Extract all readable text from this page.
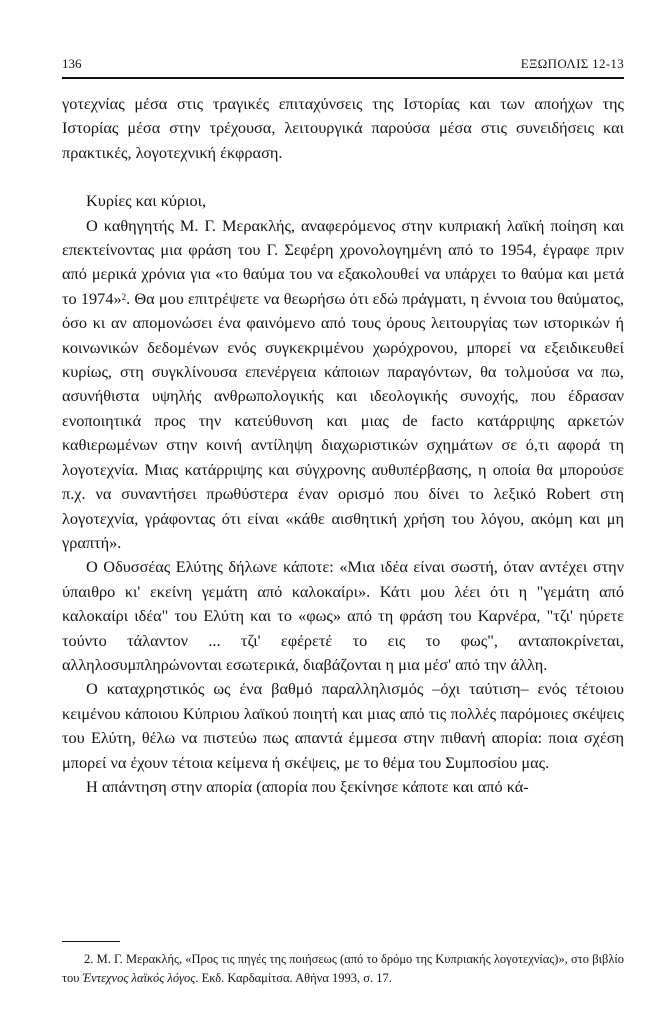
136	ΕΞΩΠΟΛΙΣ 12-13

γοτεχνίας μέσα στις τραγικές επιταχύνσεις της Ιστορίας και των αποήχων της Ιστορίας μέσα στην τρέχουσα, λειτουργικά παρούσα μέσα στις συνειδήσεις και πρακτικές, λογοτεχνική έκφραση.

Κυρίες και κύριοι,

Ο καθηγητής Μ. Γ. Μερακλής, αναφερόμενος στην κυπριακή λαϊκή ποίηση και επεκτείνοντας μια φράση του Γ. Σεφέρη χρονολογημένη από το 1954, έγραφε πριν από μερικά χρόνια για «το θαύμα του να εξακολουθεί να υπάρχει το θαύμα και μετά το 1974»$^2$. Θα μου επιτρέψετε να θεωρήσω ότι εδώ πράγματι, η έννοια του θαύματος, όσο κι αν απομονώσει ένα φαινόμενο από τους όρους λειτουργίας των ιστορικών ή κοινωνικών δεδομένων ενός συγκεκριμένου χωρόχρονου, μπορεί να εξειδικευθεί κυρίως, στη συγκλίνουσα επενέργεια κάποιων παραγόντων, θα τολμούσα να πω, ασυνήθιστα υψηλής ανθρωπολογικής και ιδεολογικής συνοχής, που έδρασαν ενοποιητικά προς την κατεύθυνση και μιας de facto κατάρριψης αρκετών καθιερωμένων στην κοινή αντίληψη διαχωριστικών σχημάτων σε ό,τι αφορά τη λογοτεχνία. Μιας κατάρριψης και σύγχρονης αυθυπέρβασης, η οποία θα μπορούσε π.χ. να συναντήσει πρωθύστερα έναν ορισμό που δίνει το λεξικό Robert στη λογοτεχνία, γράφοντας ότι είναι «κάθε αισθητική χρήση του λόγου, ακόμη και μη γραπτή».

Ο Οδυσσέας Ελύτης δήλωνε κάποτε: «Μια ιδέα είναι σωστή, όταν αντέχει στην ύπαιθρο κι' εκείνη γεμάτη από καλοκαίρι». Κάτι μου λέει ότι η "γεμάτη από καλοκαίρι ιδέα" του Ελύτη και το «φως» από τη φράση του Καρνέρα, "τζι' ηύρετε τούντο τάλαντον ... τζι' εφέρετέ το εις το φως", ανταποκρίνεται, αλληλοσυμπληρώνονται εσωτερικά, διαβάζονται η μια μέσ' από την άλλη.

Ο καταχρηστικός ως ένα βαθμό παραλληλισμός –όχι ταύτιση– ενός τέτοιου κειμένου κάποιου Κύπριου λαϊκού ποιητή και μιας από τις πολλές παρόμοιες σκέψεις του Ελύτη, θέλω να πιστεύω πως απαντά έμμεσα στην πιθανή απορία: ποια σχέση μπορεί να έχουν τέτοια κείμενα ή σκέψεις, με το θέμα του Συμποσίου μας.

Η απάντηση στην απορία (απορία που ξεκίνησε κάποτε και από κά-

2. Μ. Γ. Μερακλής, «Προς τις πηγές της ποιήσεως (από το δρόμο της Κυπριακής λογοτεχνίας)», στο βιβλίο του Έντεχνος λαϊκός λόγος. Εκδ. Καρδαμίτσα. Αθήνα 1993, σ. 17.
